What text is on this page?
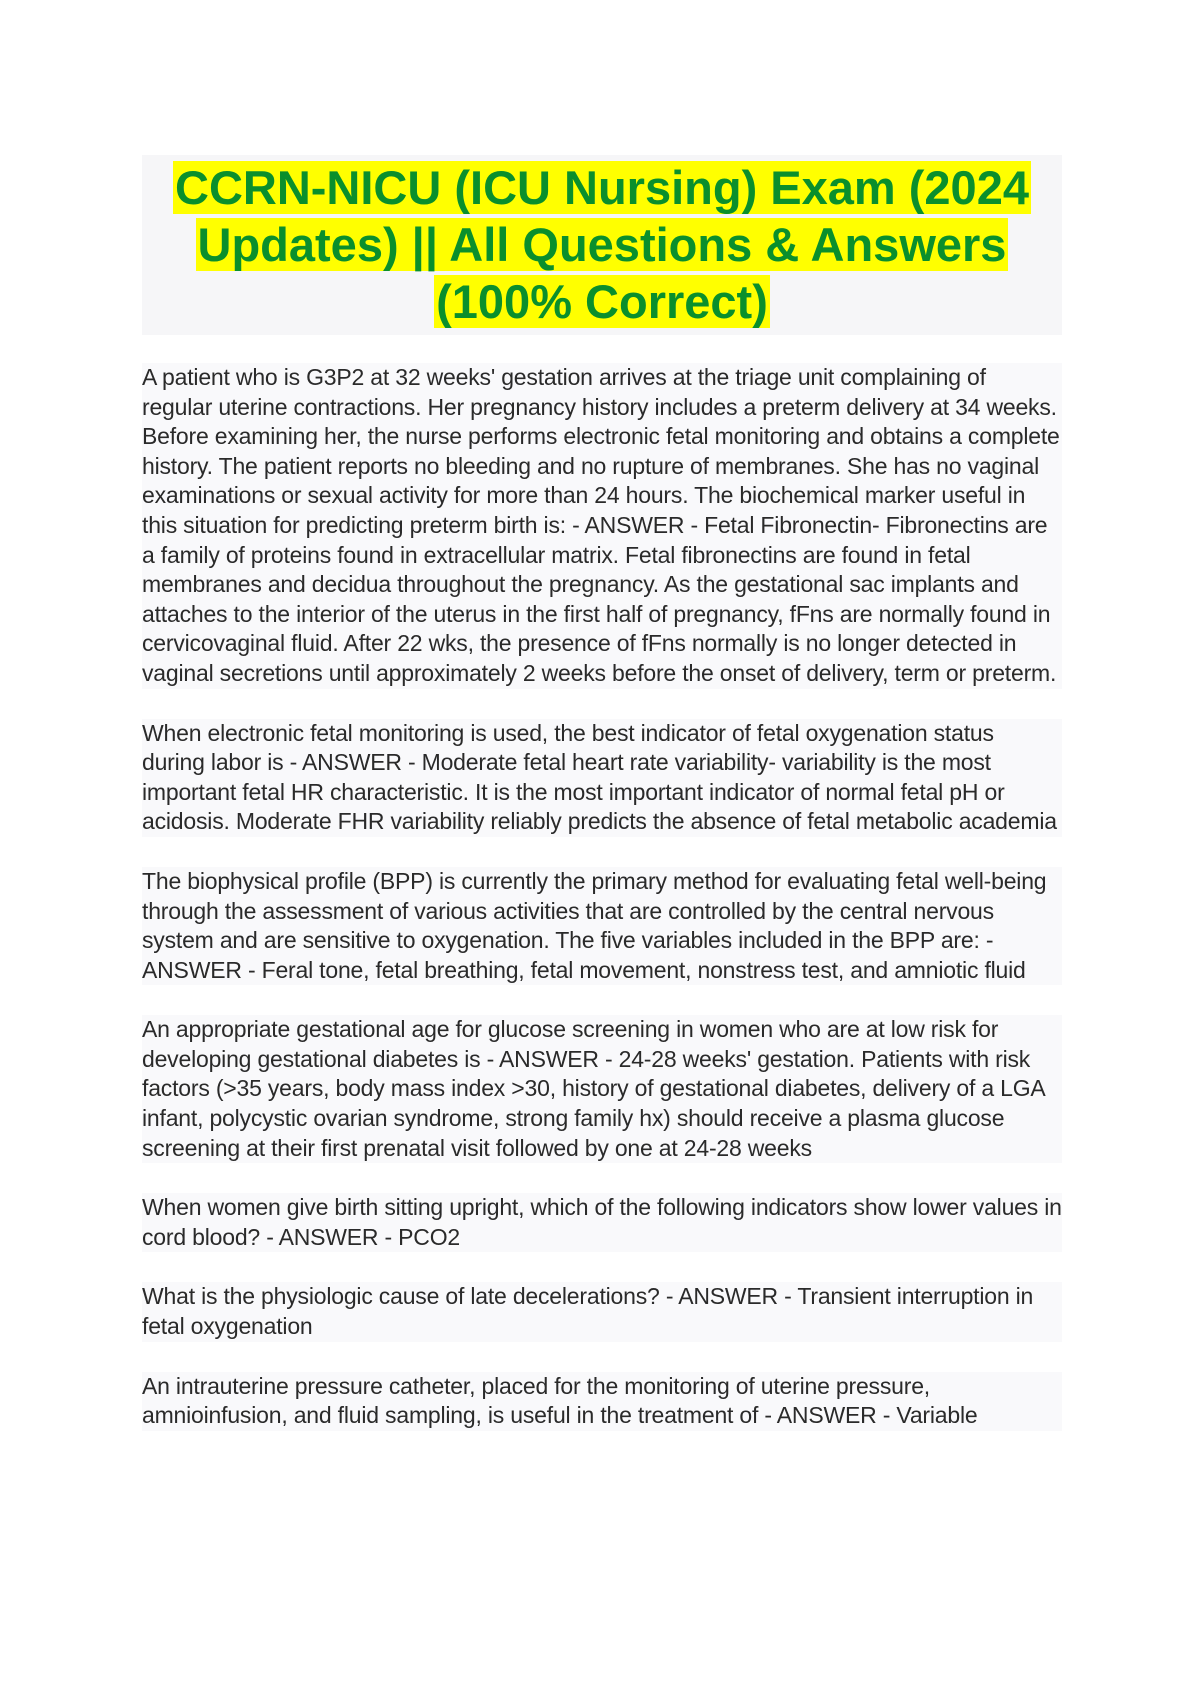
CCRN-NICU (ICU Nursing) Exam (2024 Updates) || All Questions & Answers (100% Correct)

A patient who is G3P2 at 32 weeks' gestation arrives at the triage unit complaining of regular uterine contractions. Her pregnancy history includes a preterm delivery at 34 weeks. Before examining her, the nurse performs electronic fetal monitoring and obtains a complete history. The patient reports no bleeding and no rupture of membranes. She has no vaginal examinations or sexual activity for more than 24 hours. The biochemical marker useful in this situation for predicting preterm birth is: - ANSWER - Fetal Fibronectin- Fibronectins are a family of proteins found in extracellular matrix. Fetal fibronectins are found in fetal membranes and decidua throughout the pregnancy. As the gestational sac implants and attaches to the interior of the uterus in the first half of pregnancy, fFns are normally found in cervicovaginal fluid. After 22 wks, the presence of fFns normally is no longer detected in vaginal secretions until approximately 2 weeks before the onset of delivery, term or preterm.

When electronic fetal monitoring is used, the best indicator of fetal oxygenation status during labor is - ANSWER - Moderate fetal heart rate variability- variability is the most important fetal HR characteristic. It is the most important indicator of normal fetal pH or acidosis. Moderate FHR variability reliably predicts the absence of fetal metabolic academia

The biophysical profile (BPP) is currently the primary method for evaluating fetal well-being through the assessment of various activities that are controlled by the central nervous system and are sensitive to oxygenation. The five variables included in the BPP are: - ANSWER - Feral tone, fetal breathing, fetal movement, nonstress test, and amniotic fluid

An appropriate gestational age for glucose screening in women who are at low risk for developing gestational diabetes is - ANSWER - 24-28 weeks' gestation. Patients with risk factors (>35 years, body mass index >30, history of gestational diabetes, delivery of a LGA infant, polycystic ovarian syndrome, strong family hx) should receive a plasma glucose screening at their first prenatal visit followed by one at 24-28 weeks

When women give birth sitting upright, which of the following indicators show lower values in cord blood? - ANSWER - PCO2

What is the physiologic cause of late decelerations? - ANSWER - Transient interruption in fetal oxygenation

An intrauterine pressure catheter, placed for the monitoring of uterine pressure, amnioinfusion, and fluid sampling, is useful in the treatment of - ANSWER - Variable
